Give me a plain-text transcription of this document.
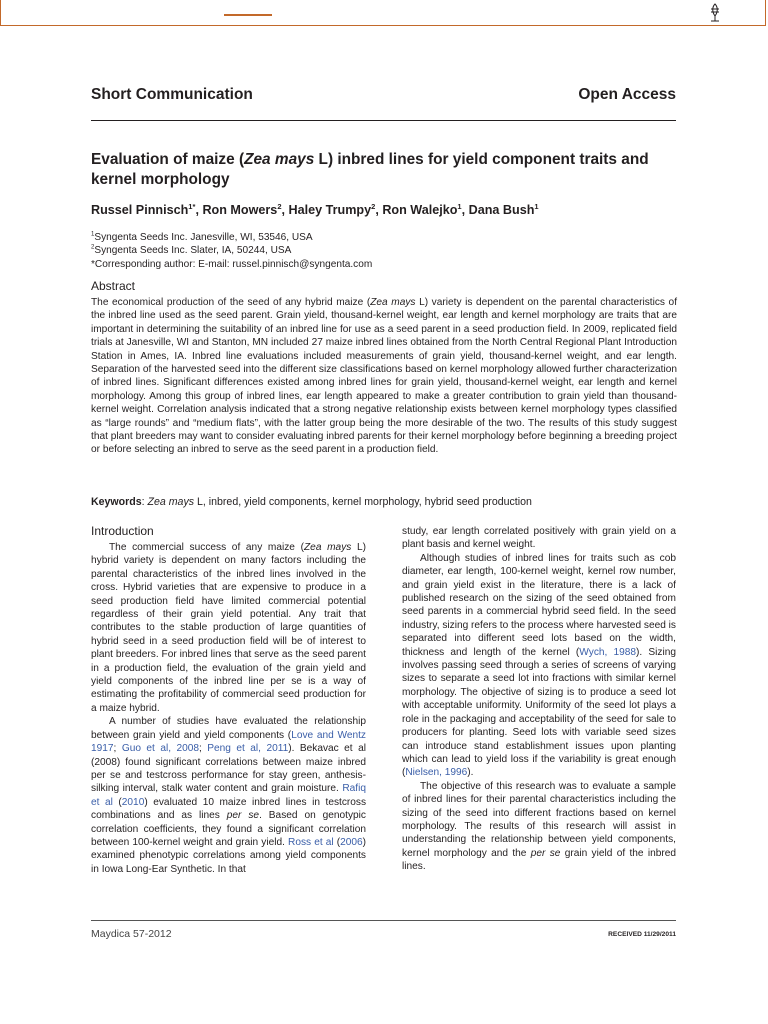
Short Communication	Open Access
Evaluation of maize (Zea mays L) inbred lines for yield component traits and kernel morphology
Russel Pinnisch$^{1*}$, Ron Mowers$^2$, Haley Trumpy$^2$, Ron Walejko$^1$, Dana Bush$^1$
$^1$Syngenta Seeds Inc. Janesville, WI, 53546, USA
$^2$Syngenta Seeds Inc. Slater, IA, 50244, USA
*Corresponding author: E-mail: russel.pinnisch@syngenta.com
Abstract
The economical production of the seed of any hybrid maize (Zea mays L) variety is dependent on the parental characteristics of the inbred line used as the seed parent. Grain yield, thousand-kernel weight, ear length and kernel morphology are traits that are important in determining the suitability of an inbred line for use as a seed parent in a seed production field. In 2009, replicated field trials at Janesville, WI and Stanton, MN included 27 maize inbred lines obtained from the North Central Regional Plant Introduction Station in Ames, IA. Inbred line evaluations included measurements of grain yield, thousand-kernel weight, and ear length. Separation of the harvested seed into the different size classifications based on kernel morphology allowed further characterization of inbred lines. Significant differences existed among inbred lines for grain yield, thousand-kernel weight, ear length and kernel morphology. Among this group of inbred lines, ear length appeared to make a greater contribution to grain yield than thousand-kernel weight. Correlation analysis indicated that a strong negative relationship exists between kernel morphology types classified as “large rounds” and “medium flats”, with the latter group being the more desirable of the two. The results of this study suggest that plant breeders may want to consider evaluating inbred parents for their kernel morphology before beginning a breeding project or before selecting an inbred to serve as the seed parent in a production field.
Keywords: Zea mays L, inbred, yield components, kernel morphology, hybrid seed production
Introduction
The commercial success of any maize (Zea mays L) hybrid variety is dependent on many factors including the parental characteristics of the inbred lines involved in the cross. Hybrid varieties that are expensive to produce in a seed production field have limited commercial potential regardless of their grain yield potential. Any trait that contributes to the stable production of large quantities of hybrid seed in a seed production field will be of interest to plant breeders. For inbred lines that serve as the seed parent in a production field, the evaluation of the grain yield and yield components of the inbred line per se is a way of estimating the profitability of commercial seed production for a maize hybrid.
A number of studies have evaluated the relationship between grain yield and yield components (Love and Wentz 1917; Guo et al, 2008; Peng et al, 2011). Bekavac et al (2008) found significant correlations between maize inbred per se and testcross performance for stay green, anthesis-silking interval, stalk water content and grain moisture. Rafiq et al (2010) evaluated 10 maize inbred lines in testcross combinations and as lines per se. Based on genotypic correlation coefficients, they found a significant correlation between 100-kernel weight and grain yield. Ross et al (2006) examined phenotypic correlations among yield components in Iowa Long-Ear Synthetic. In that
study, ear length correlated positively with grain yield on a plant basis and kernel weight.
Although studies of inbred lines for traits such as cob diameter, ear length, 100-kernel weight, kernel row number, and grain yield exist in the literature, there is a lack of published research on the sizing of the seed obtained from seed parents in a commercial hybrid seed field. In the seed industry, sizing refers to the process where harvested seed is separated into different seed lots based on the width, thickness and length of the kernel (Wych, 1988). Sizing involves passing seed through a series of screens of varying sizes to separate a seed lot into fractions with similar kernel morphology. The objective of sizing is to produce a seed lot with acceptable uniformity. Uniformity of the seed lot plays a role in the packaging and acceptability of the seed for sale to producers for planting. Seed lots with variable seed sizes can introduce stand establishment issues upon planting which can lead to yield loss if the variability is great enough (Nielsen, 1996).
The objective of this research was to evaluate a sample of inbred lines for their parental characteristics including the sizing of the seed into different fractions based on kernel morphology. The results of this research will assist in understanding the relationship between yield components, kernel morphology and the per se grain yield of the inbred lines.
Maydica 57-2012	RECEIVED 11/29/2011
